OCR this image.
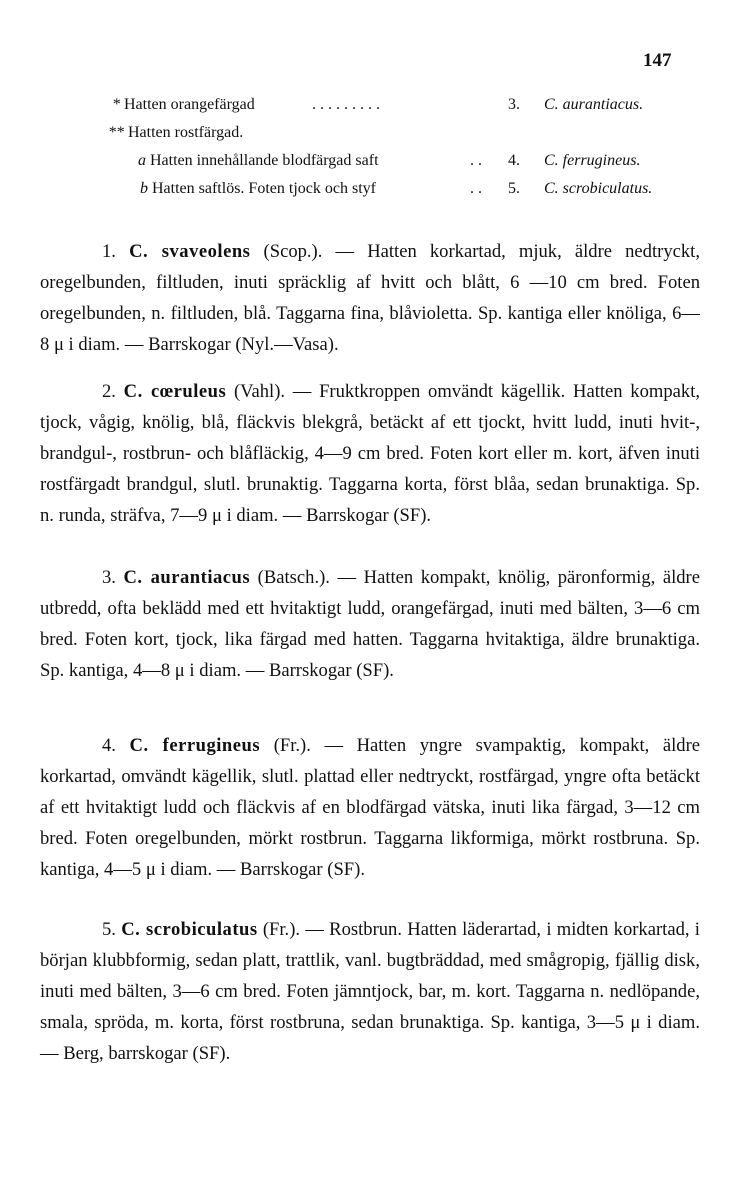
147
* Hatten orangefärgad	. . . . . . . . .	3. C. aurantiacus.
** Hatten rostfärgad.
a Hatten innehållande blodfärgad saft	. . 4. C. ferrugineus.
b Hatten saftlös. Foten tjock och styf	. . 5. C. scrobiculatus.

1. C. svaveolens (Scop.). — Hatten korkartad, mjuk, äldre nedtryckt, oregelbunden, filtluden, inuti spräcklig af hvitt och blått, 6 —10 cm bred. Foten oregelbunden, n. filtluden, blå. Taggarna fina, blåvioletta. Sp. kantiga eller knöliga, 6—8 μ i diam. — Barrskogar (Nyl.—Vasa).

2. C. cœruleus (Vahl). — Fruktkroppen omvändt kägellik. Hatten kompakt, tjock, vågig, knölig, blå, fläckvis blekgrå, betäckt af ett tjockt, hvitt ludd, inuti hvit-, brandgul-, rostbrun- och blåfläckig, 4—9 cm bred. Foten kort eller m. kort, äfven inuti rostfärgadt brandgul, slutl. brunaktig. Taggarna korta, först blåa, sedan brunaktiga. Sp. n. runda, sträfva, 7—9 μ i diam. — Barrskogar (SF).

3. C. aurantiacus (Batsch.). — Hatten kompakt, knölig, päronformig, äldre utbredd, ofta beklädd med ett hvitaktigt ludd, orangefärgad, inuti med bälten, 3—6 cm bred. Foten kort, tjock, lika färgad med hatten. Taggarna hvitaktiga, äldre brunaktiga. Sp. kantiga, 4—8 μ i diam. — Barrskogar (SF).

4. C. ferrugineus (Fr.). — Hatten yngre svampaktig, kompakt, äldre korkartad, omvändt kägellik, slutl. plattad eller nedtryckt, rostfärgad, yngre ofta betäckt af ett hvitaktigt ludd och fläckvis af en blodfärgad vätska, inuti lika färgad, 3—12 cm bred. Foten oregelbunden, mörkt rostbrun. Taggarna likformiga, mörkt rostbruna. Sp. kantiga, 4—5 μ i diam. — Barrskogar (SF).

5. C. scrobiculatus (Fr.). — Rostbrun. Hatten läderartad, i midten korkartad, i början klubbformig, sedan platt, trattlik, vanl. bugtbräddad, med smågropig, fjällig disk, inuti med bälten, 3—6 cm bred. Foten jämntjock, bar, m. kort. Taggarna n. nedlöpande, smala, spröda, m. korta, först rostbruna, sedan brunaktiga. Sp. kantiga, 3—5 μ i diam. — Berg, barrskogar (SF).
